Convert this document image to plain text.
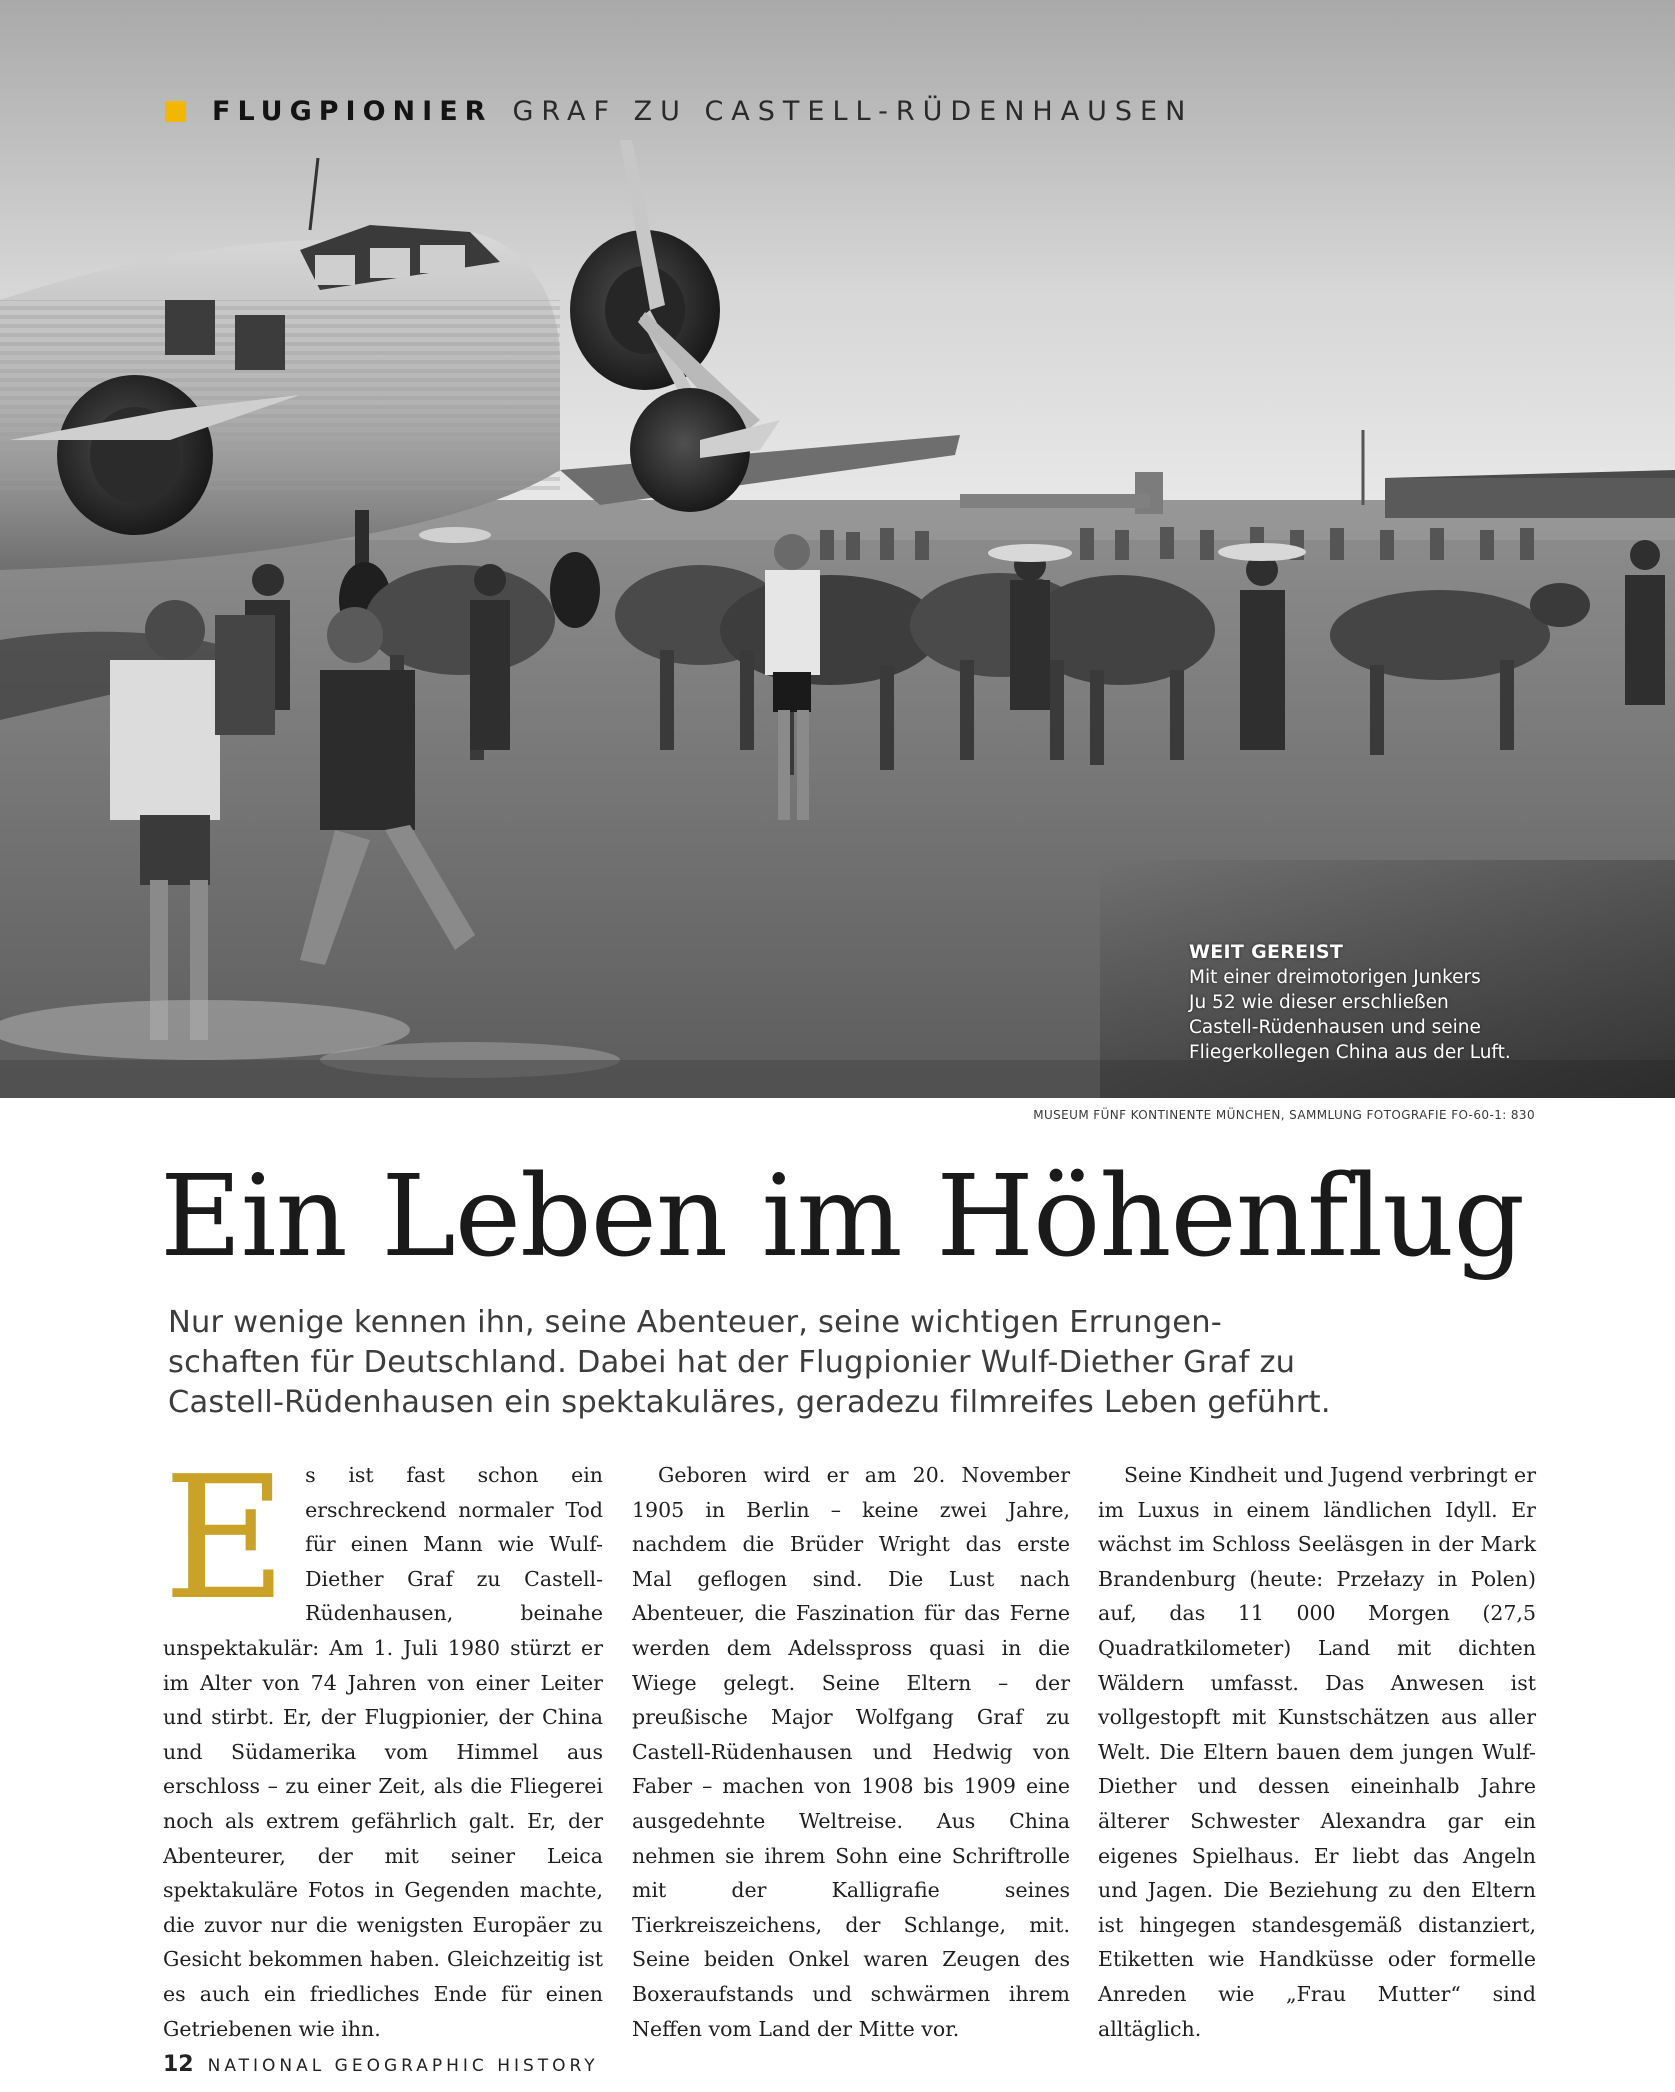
FLUGPIONIER GRAF ZU CASTELL-RÜDENHAUSEN
WEIT GEREIST
Mit einer dreimotorigen Junkers
Ju 52 wie dieser erschließen
Castell-Rüdenhausen und seine
Fliegerkollegen China aus der Luft.
MUSEUM FÜNF KONTINENTE MÜNCHEN, SAMMLUNG FOTOGRAFIE FO-60-1: 830
Ein Leben im Höhenflug
Nur wenige kennen ihn, seine Abenteuer, seine wichtigen Errungen-
schaften für Deutschland. Dabei hat der Flugpionier Wulf-Diether Graf zu
Castell-Rüdenhausen ein spektakuläres, geradezu filmreifes Leben geführt.
E s ist fast schon ein erschreckend normaler Tod für einen Mann wie Wulf-Diether Graf zu Castell-Rüdenhausen, beinahe unspektakulär: Am 1. Juli 1980 stürzt er im Alter von 74 Jahren von einer Leiter und stirbt. Er, der Flugpionier, der China und Südamerika vom Himmel aus erschloss – zu einer Zeit, als die Fliegerei noch als extrem gefährlich galt. Er, der Abenteurer, der mit seiner Leica spektakuläre Fotos in Gegenden machte, die zuvor nur die wenigsten Europäer zu Gesicht bekommen haben. Gleichzeitig ist es auch ein friedliches Ende für einen Getriebenen wie ihn.

Geboren wird er am 20. November 1905 in Berlin – keine zwei Jahre, nachdem die Brüder Wright das erste Mal geflogen sind. Die Lust nach Abenteuer, die Faszination für das Ferne werden dem Adelsspross quasi in die Wiege gelegt. Seine Eltern – der preußische Major Wolfgang Graf zu Castell-Rüdenhausen und Hedwig von Faber – machen von 1908 bis 1909 eine ausgedehnte Weltreise. Aus China nehmen sie ihrem Sohn eine Schriftrolle mit der Kalligrafie seines Tierkreiszeichens, der Schlange, mit. Seine beiden Onkel waren Zeugen des Boxeraufstands und schwärmen ihrem Neffen vom Land der Mitte vor.

Seine Kindheit und Jugend verbringt er im Luxus in einem ländlichen Idyll. Er wächst im Schloss Seeläsgen in der Mark Brandenburg (heute: Przełazy in Polen) auf, das 11 000 Morgen (27,5 Quadratkilometer) Land mit dichten Wäldern umfasst. Das Anwesen ist vollgestopft mit Kunstschätzen aus aller Welt. Die Eltern bauen dem jungen Wulf-Diether und dessen eineinhalb Jahre älterer Schwester Alexandra gar ein eigenes Spielhaus. Er liebt das Angeln und Jagen. Die Beziehung zu den Eltern ist hingegen standesgemäß distanziert, Etiketten wie Handküsse oder formelle Anreden wie „Frau Mutter“ sind alltäglich.

12 NATIONAL GEOGRAPHIC HISTORY
